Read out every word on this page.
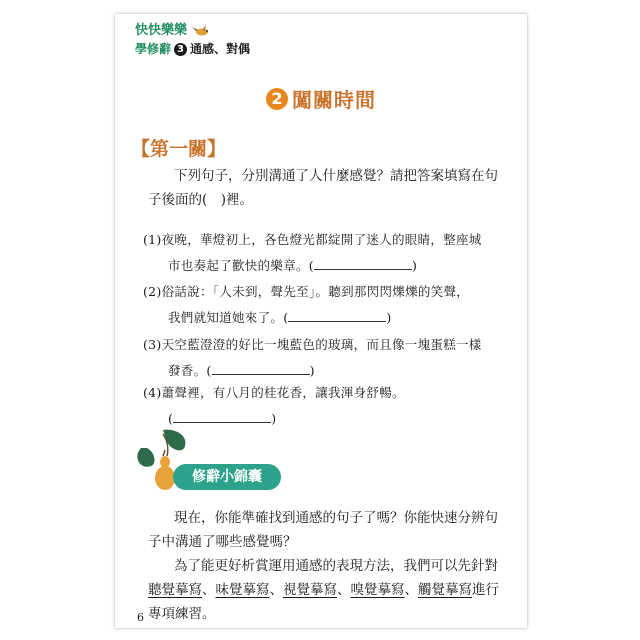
快快樂樂
學修辭 3 通感、對偶
2 闖關時間
【第一關】
下列句子，分別溝通了人什麼感覺？請把答案填寫在句子後面的(　)裡。
(1)夜晚，華燈初上，各色燈光都綻開了迷人的眼睛，整座城
市也奏起了歡快的樂章。(	)
(2)俗話說：「人未到，聲先至」。聽到那閃閃爍爍的笑聲，
我們就知道她來了。(	)
(3)天空藍澄澄的好比一塊藍色的玻璃，而且像一塊蛋糕一樣
發香。(	)
(4)蕭聲裡，有八月的桂花香，讓我渾身舒暢。
(	)
修辭小錦囊
現在，你能準確找到通感的句子了嗎？你能快速分辨句子中溝通了哪些感覺嗎？
為了能更好析賞運用通感的表現方法，我們可以先針對聽覺摹寫、味覺摹寫、視覺摹寫、嗅覺摹寫、觸覺摹寫進行專項練習。
6
